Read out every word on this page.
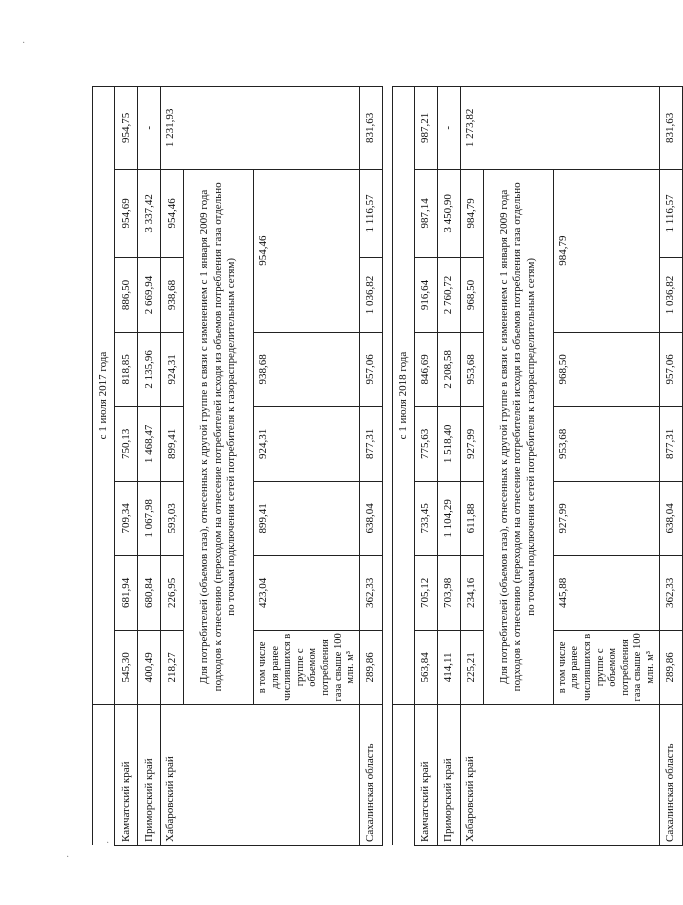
·
·
·
	с 1 июля 2017 года							
Камчатский край	545,30	681,94	709,34	750,13	818,85	886,50	954,69	954,75
Приморский край	400,49	680,84	1 067,98	1 468,47	2 135,96	2 669,94	3 337,42	-
Хабаровский край	218,27	226,95	593,03	899,41	924,31	938,68	954,46	1 231,93
	Для потребителей (объемов газа), отнесенных к другой группе в связи с изменением с 1 января 2009 года подходов к отнесению (переходом на отнесение потребителей исходя из объемов потребления газа отдельно по точкам подключения сетей потребителя к газораспределительным сетям)							
	в том числе для ранее числившихся в группе с объемом потребления газа свыше 100 млн. м³	423,04	899,41	924,31	938,68	954,46		
Сахалинская область	289,86	362,33	638,04	877,31	957,06	1 036,82	1 116,57	831,63

	с 1 июля 2018 года							
Камчатский край	563,84	705,12	733,45	775,63	846,69	916,64	987,14	987,21
Приморский край	414,11	703,98	1 104,29	1 518,40	2 208,58	2 760,72	3 450,90	-
Хабаровский край	225,21	234,16	611,88	927,99	953,68	968,50	984,79	1 273,82
	Для потребителей (объемов газа), отнесенных к другой группе в связи с изменением с 1 января 2009 года подходов к отнесению (переходом на отнесение потребителей исходя из объемов потребления газа отдельно по точкам подключения сетей потребителя к газораспределительным сетям)							
	в том числе для ранее числившихся в группе с объемом потребления газа свыше 100 млн. м³	445,88	927,99	953,68	968,50	984,79		
Сахалинская область	289,86	362,33	638,04	877,31	957,06	1 036,82	1 116,57	831,63
